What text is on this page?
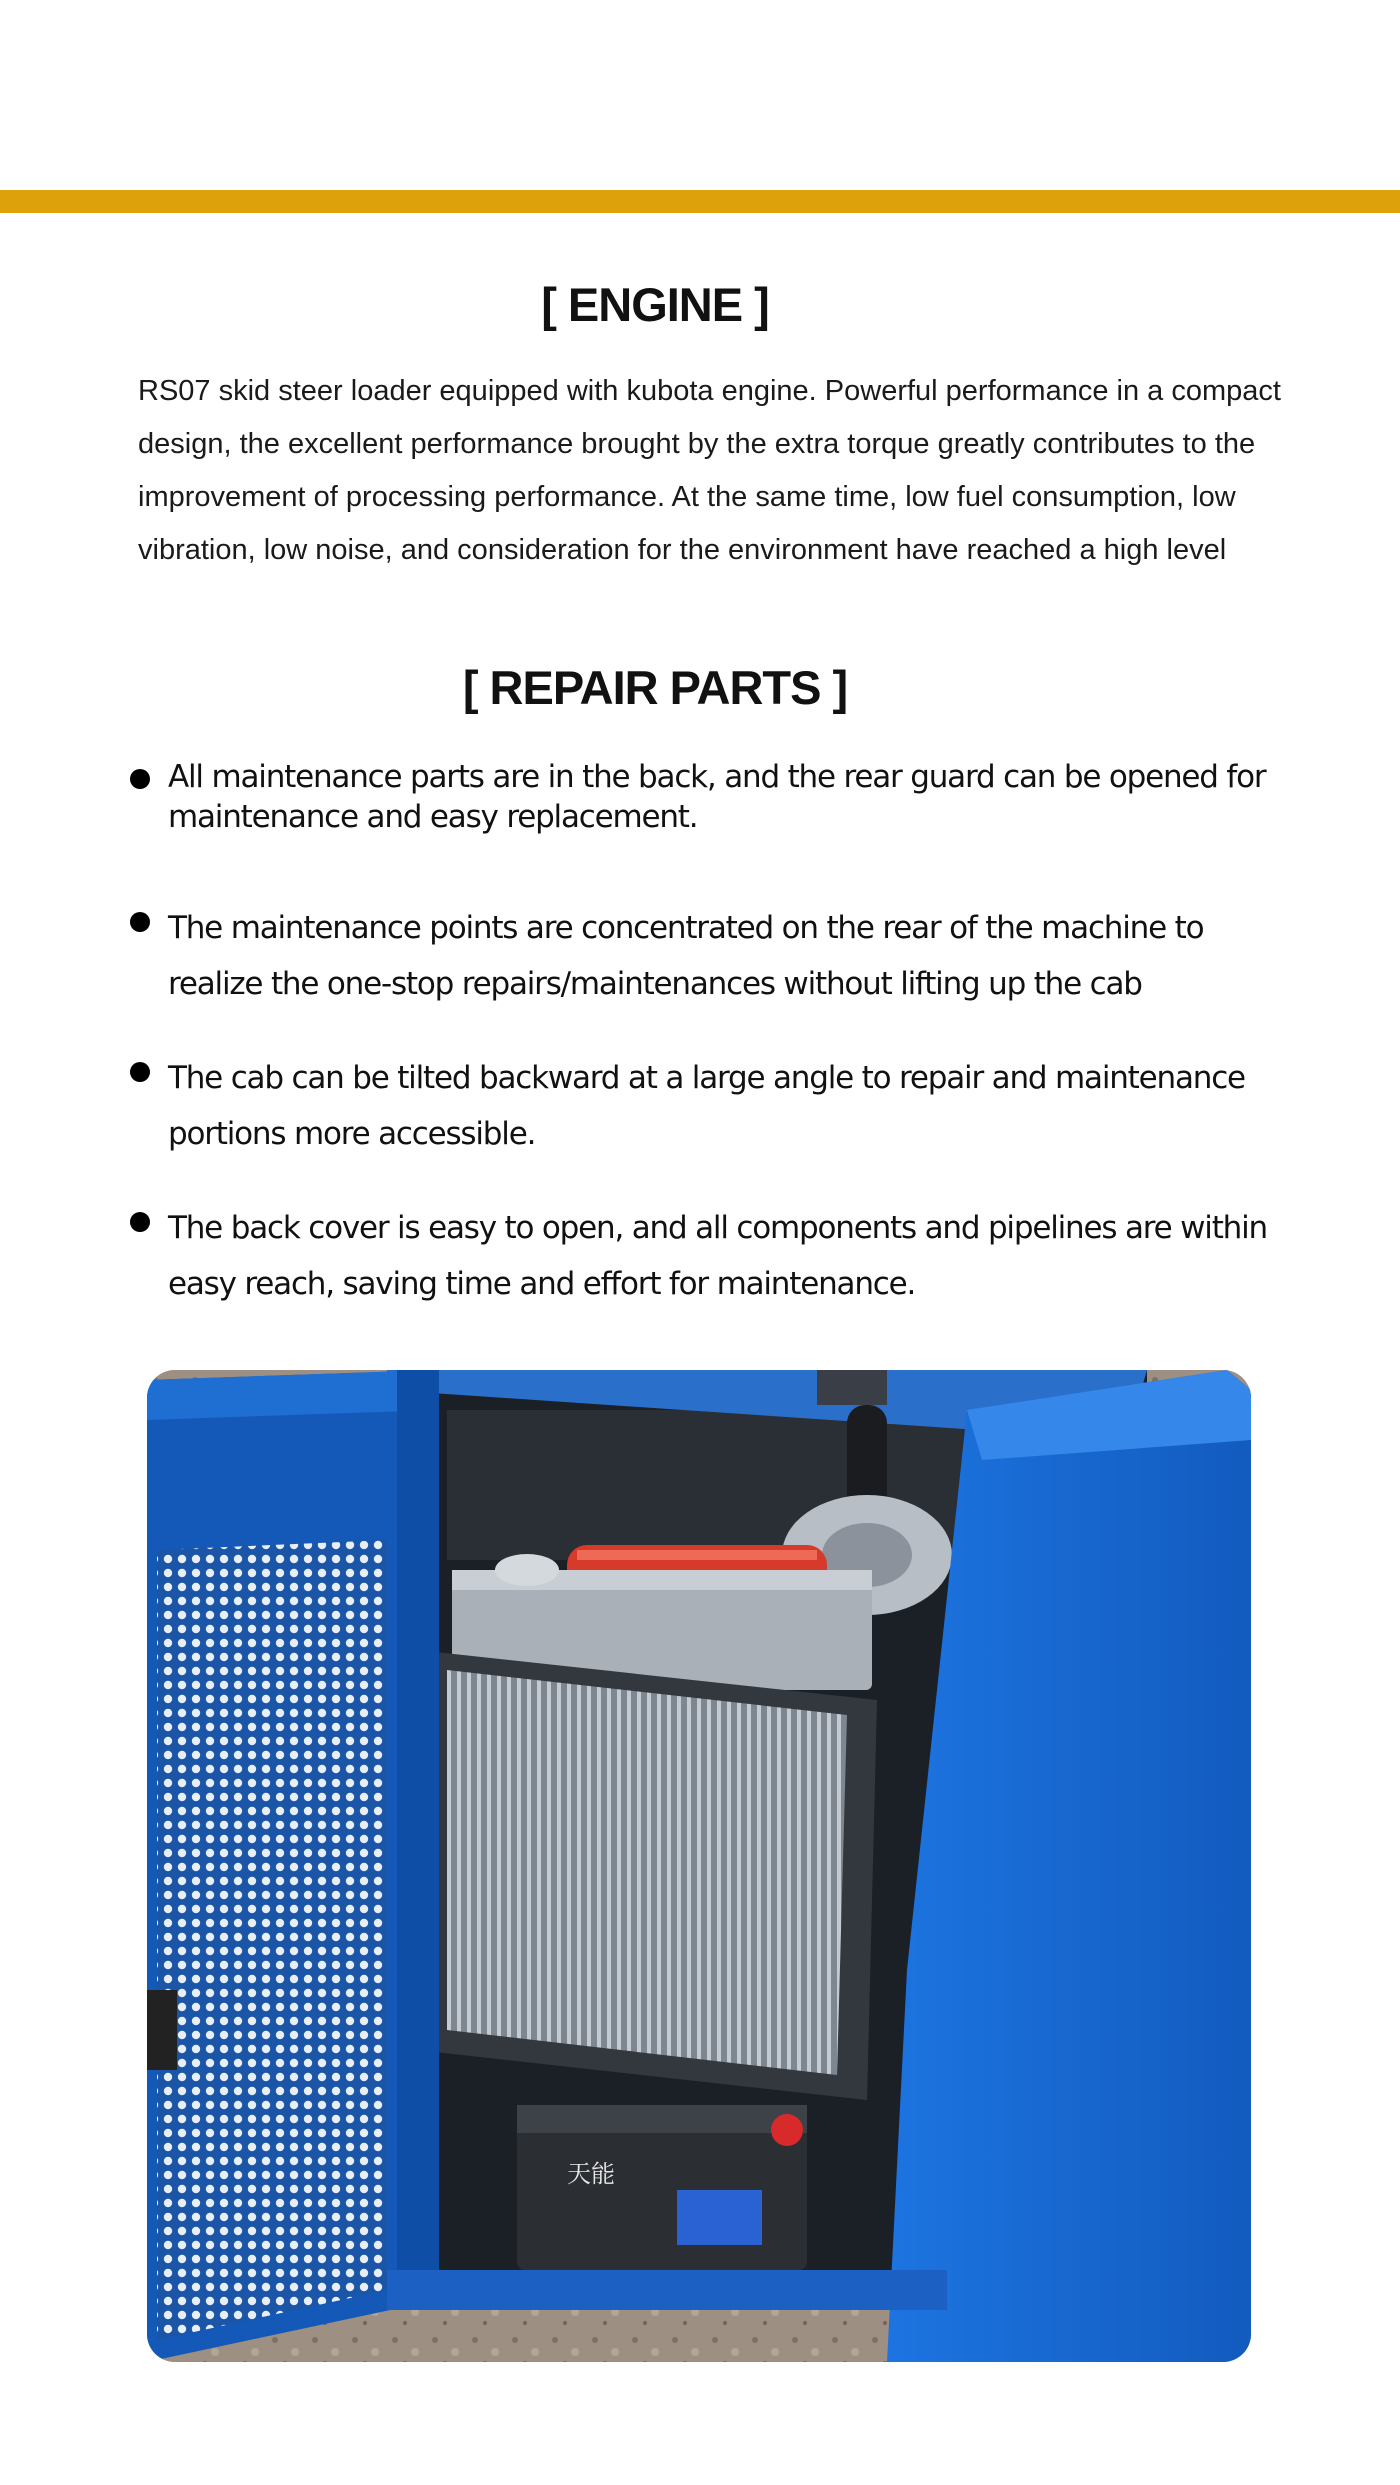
[ ENGINE ]

RS07 skid steer loader equipped with kubota engine. Powerful performance in a compact design, the excellent performance brought by the extra torque greatly contributes to the improvement of processing performance. At the same time, low fuel consumption, low vibration, low noise, and consideration for the environment have reached a high level

[ REPAIR PARTS ]
All maintenance parts are in the back, and the rear guard can be opened for maintenance and easy replacement.
The maintenance points are concentrated on the rear of the machine to realize the one-stop repairs/maintenances without lifting up the cab
The cab can be tilted backward at a large angle to repair and maintenance portions more accessible.
The back cover is easy to open, and all components and pipelines are within easy reach, saving time and effort for maintenance.
天能
